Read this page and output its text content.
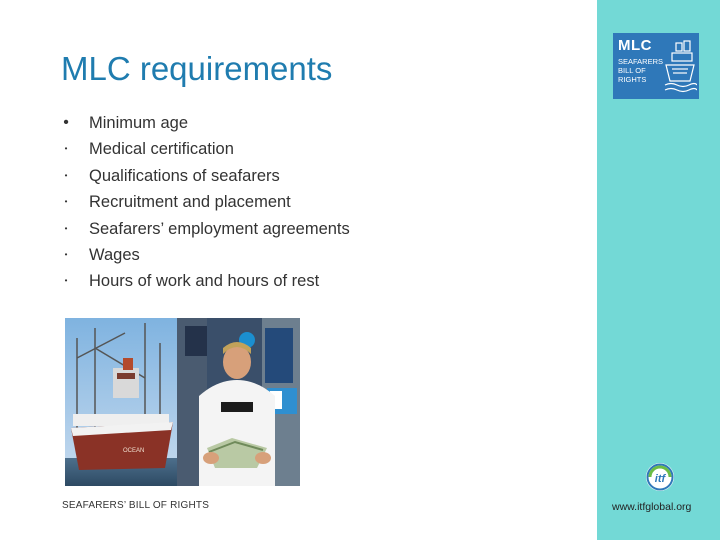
MLC
SEAFARERS
BILL OF
RIGHTS
MLC requirements
• Minimum age
• Medical certification
• Qualifications of seafarers
• Recruitment and placement
• Seafarers’ employment agreements
• Wages
• Hours of work and hours of rest
OCEAN
SEAFARERS’ BILL OF RIGHTS
itf
www.itfglobal.org
